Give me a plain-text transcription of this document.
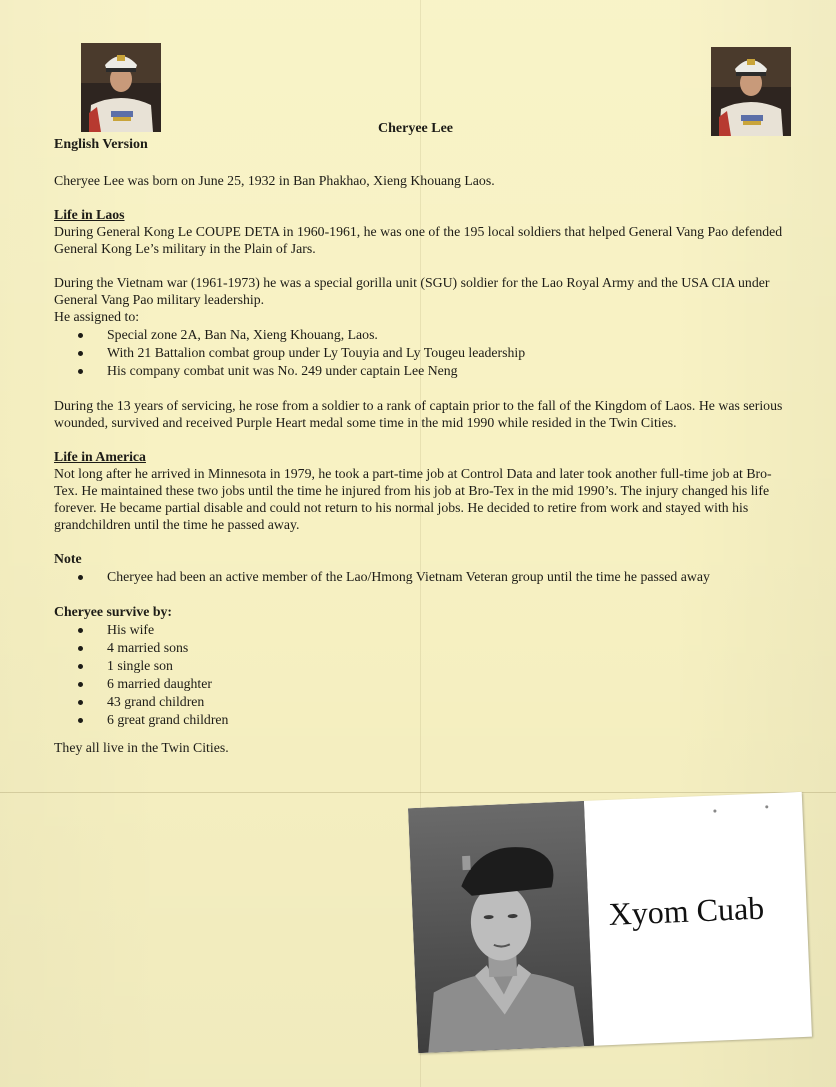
Cheryee Lee
English Version

Cheryee Lee was born on June 25, 1932 in Ban Phakhao, Xieng Khouang Laos.

Life in Laos

During General Kong Le COUPE DETA in 1960-1961, he was one of the 195 local soldiers that helped General Vang Pao defended General Kong Le’s military in the Plain of Jars.

During the Vietnam war (1961-1973) he was a special gorilla unit (SGU) soldier for the Lao Royal Army and the USA CIA under General Vang Pao military leadership.

He assigned to:

Special zone 2A, Ban Na, Xieng Khouang, Laos.
With 21 Battalion combat group under Ly Touyia and Ly Tougeu leadership
His company combat unit was No. 249 under captain Lee Neng

During the 13 years of servicing, he rose from a soldier to a rank of captain prior to the fall of the Kingdom of Laos. He was serious wounded, survived and received Purple Heart medal some time in the mid 1990 while resided in the Twin Cities.

Life in America

Not long after he arrived in Minnesota in 1979, he took a part-time job at Control Data and later took another full-time job at Bro-Tex. He maintained these two jobs until the time he injured from his job at Bro-Tex in the mid 1990’s. The injury changed his life forever. He became partial disable and could not return to his normal jobs. He decided to retire from work and stayed with his grandchildren until the time he passed away.

Note

Cheryee had been an active member of the Lao/Hmong Vietnam Veteran group until the time he passed away

Cheryee survive by:

His wife
4 married sons
1 single son
6 married daughter
43 grand children
6 great grand children

They all live in the Twin Cities.

Xyom Cuab
